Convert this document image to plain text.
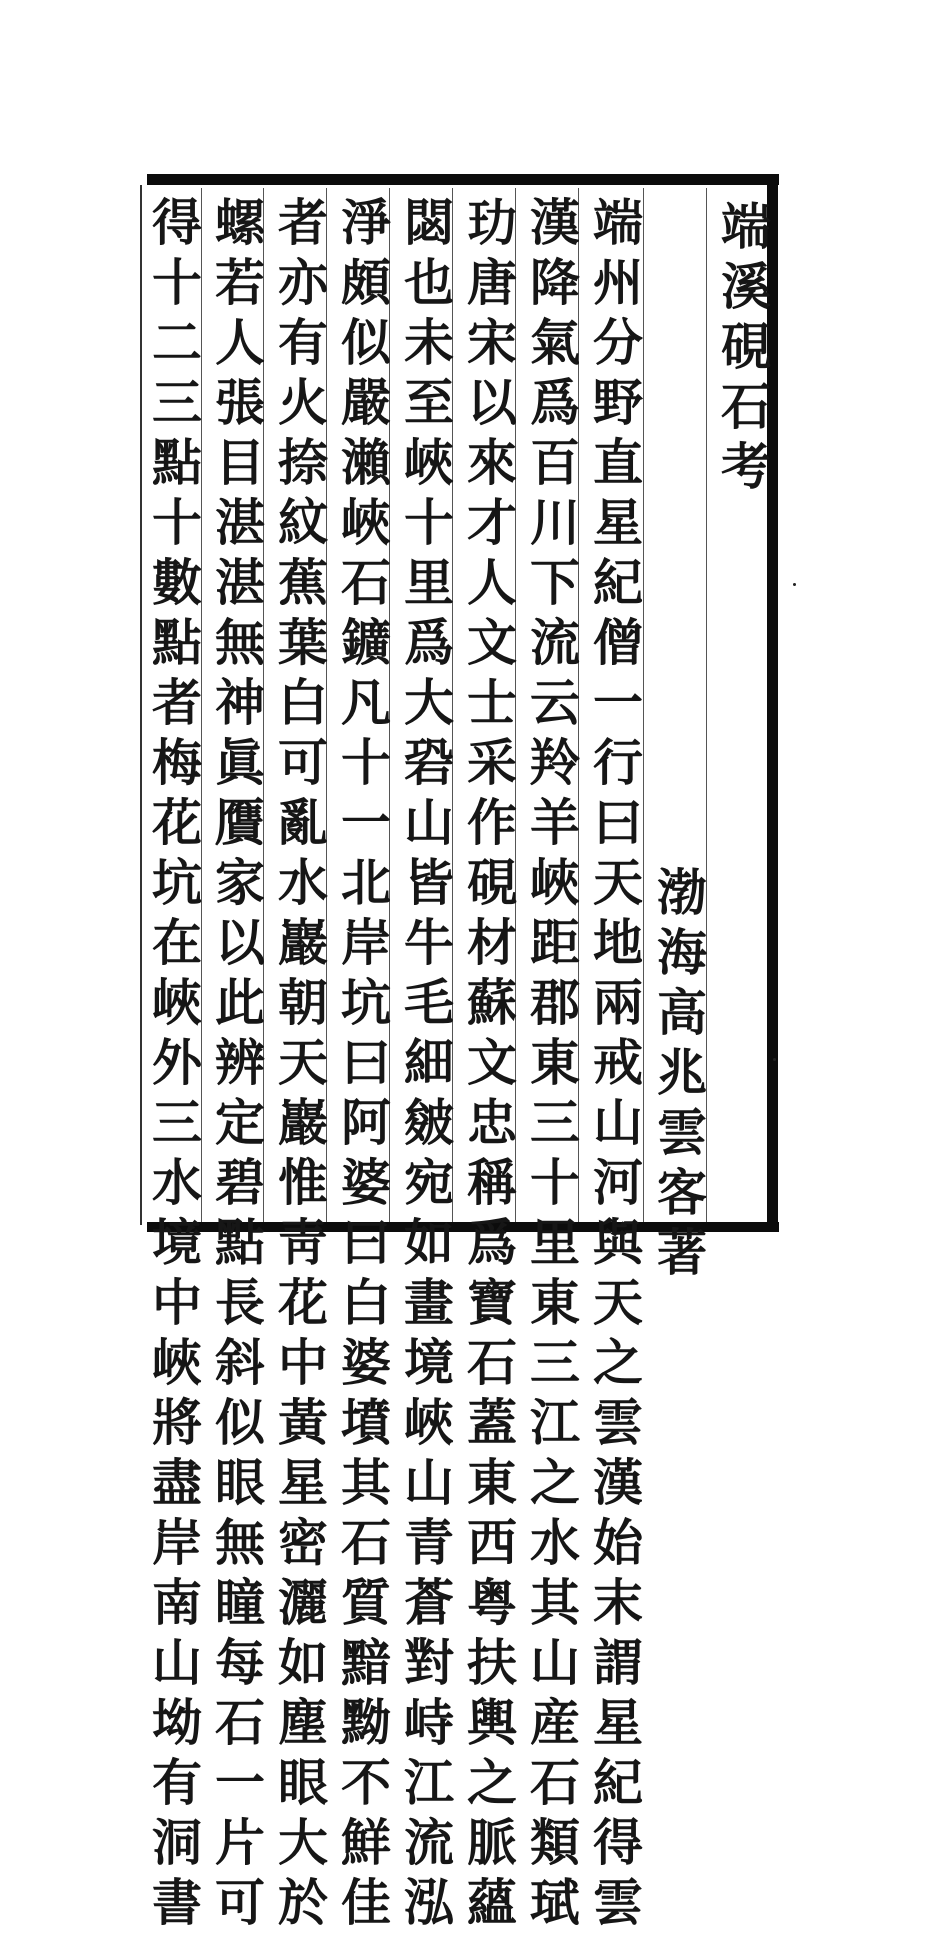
端溪硯石考
渤海高兆雲客著
端州分野直星紀僧一行曰天地兩戒山河與天之雲漢始末謂星紀得雲
漢降氣爲百川下流云羚羊峽距郡東三十里東三江之水其山産石類珷
玏唐宋以來才人文士采作硯材蘇文忠稱爲寶石蓋東西粤扶輿之脈蘊
閟也未至峽十里爲大䂬山皆牛毛細皴宛如畫境峽山青蒼對峙江流泓
淨頗似嚴瀨峽石鑛凡十一北岸坑曰阿婆曰白婆墳其石質黯黝不鮮佳
者亦有火捺紋蕉葉白可亂水巖朝天巖惟靑花中黃星密灑如塵眼大於
螺若人張目湛湛無神眞贋家以此辨定碧點長斜似眼無瞳每石一片可
得十二三點十數點者梅花坑在峽外三水境中峽將盡岸南山坳有洞書
